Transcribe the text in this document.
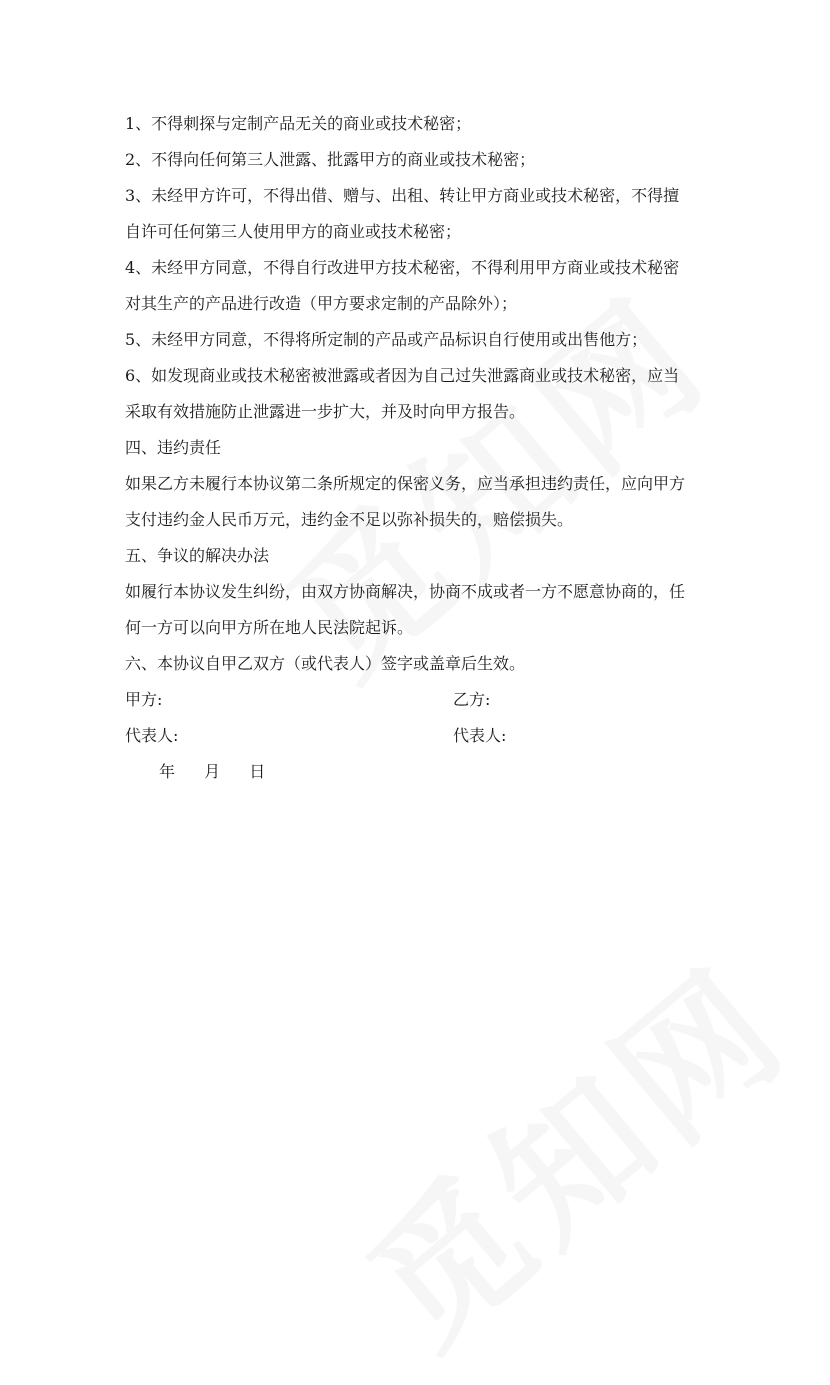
1、不得刺探与定制产品无关的商业或技术秘密；

2、不得向任何第三人泄露、批露甲方的商业或技术秘密；

3、未经甲方许可，不得出借、赠与、出租、转让甲方商业或技术秘密，不得擅
自许可任何第三人使用甲方的商业或技术秘密；

4、未经甲方同意，不得自行改进甲方技术秘密，不得利用甲方商业或技术秘密
对其生产的产品进行改造（甲方要求定制的产品除外）；

5、未经甲方同意，不得将所定制的产品或产品标识自行使用或出售他方；

6、如发现商业或技术秘密被泄露或者因为自己过失泄露商业或技术秘密，应当
采取有效措施防止泄露进一步扩大，并及时向甲方报告。

四、违约责任

如果乙方未履行本协议第二条所规定的保密义务，应当承担违约责任，应向甲方
支付违约金人民币万元，违约金不足以弥补损失的，赔偿损失。

五、争议的解决办法

如履行本协议发生纠纷，由双方协商解决，协商不成或者一方不愿意协商的，任
何一方可以向甲方所在地人民法院起诉。

六、本协议自甲乙双方（或代表人）签字或盖章后生效。

甲方:	乙方:
代表人:	代表人:
年 月 日
